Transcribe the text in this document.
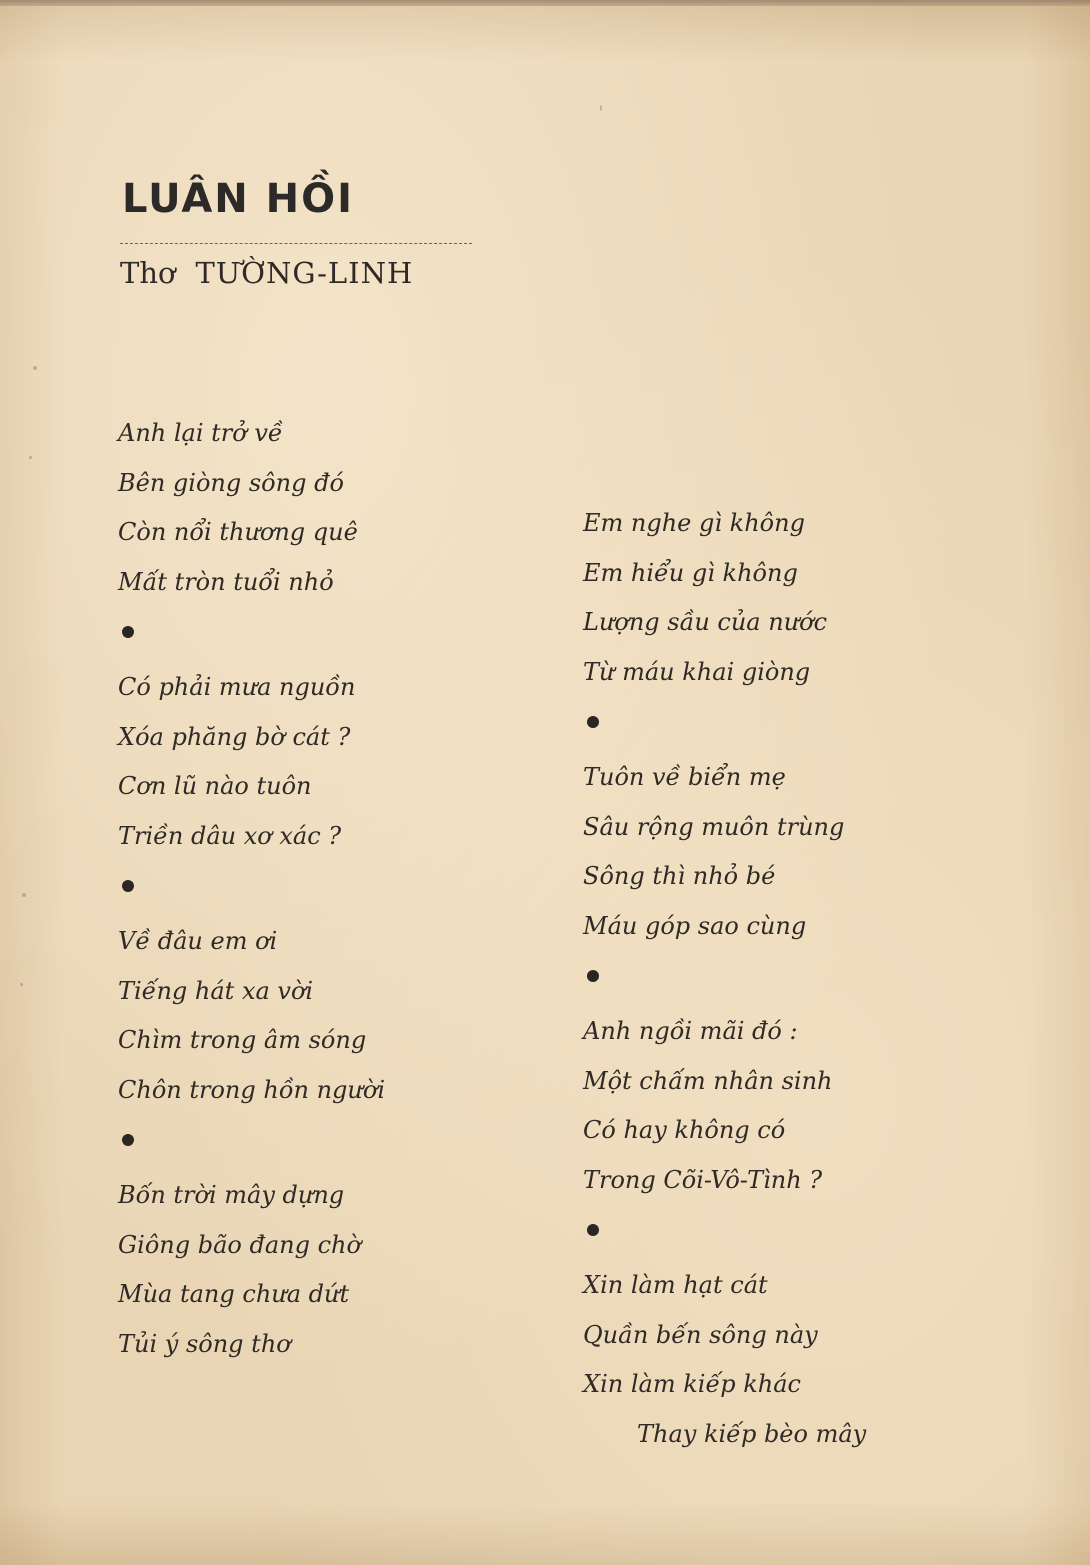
LUÂN HỒI
Thơ TƯỜNG-LINH
Anh lại trở về
Bên giòng sông đó
Còn nổi thương quê
Mất tròn tuổi nhỏ
Có phải mưa nguồn
Xóa phăng bờ cát ?
Cơn lũ nào tuôn
Triền dâu xơ xác ?
Về đâu em ơi
Tiếng hát xa vời
Chìm trong âm sóng
Chôn trong hồn người
Bốn trời mây dựng
Giông bão đang chờ
Mùa tang chưa dứt
Tủi ý sông thơ
Em nghe gì không
Em hiểu gì không
Lượng sầu của nước
Từ máu khai giòng
Tuôn về biển mẹ
Sâu rộng muôn trùng
Sông thì nhỏ bé
Máu góp sao cùng
Anh ngồi mãi đó :
Một chấm nhân sinh
Có hay không có
Trong Cõi-Vô-Tình ?
Xin làm hạt cát
Quần bến sông này
Xin làm kiếp khác
Thay kiếp bèo mây
